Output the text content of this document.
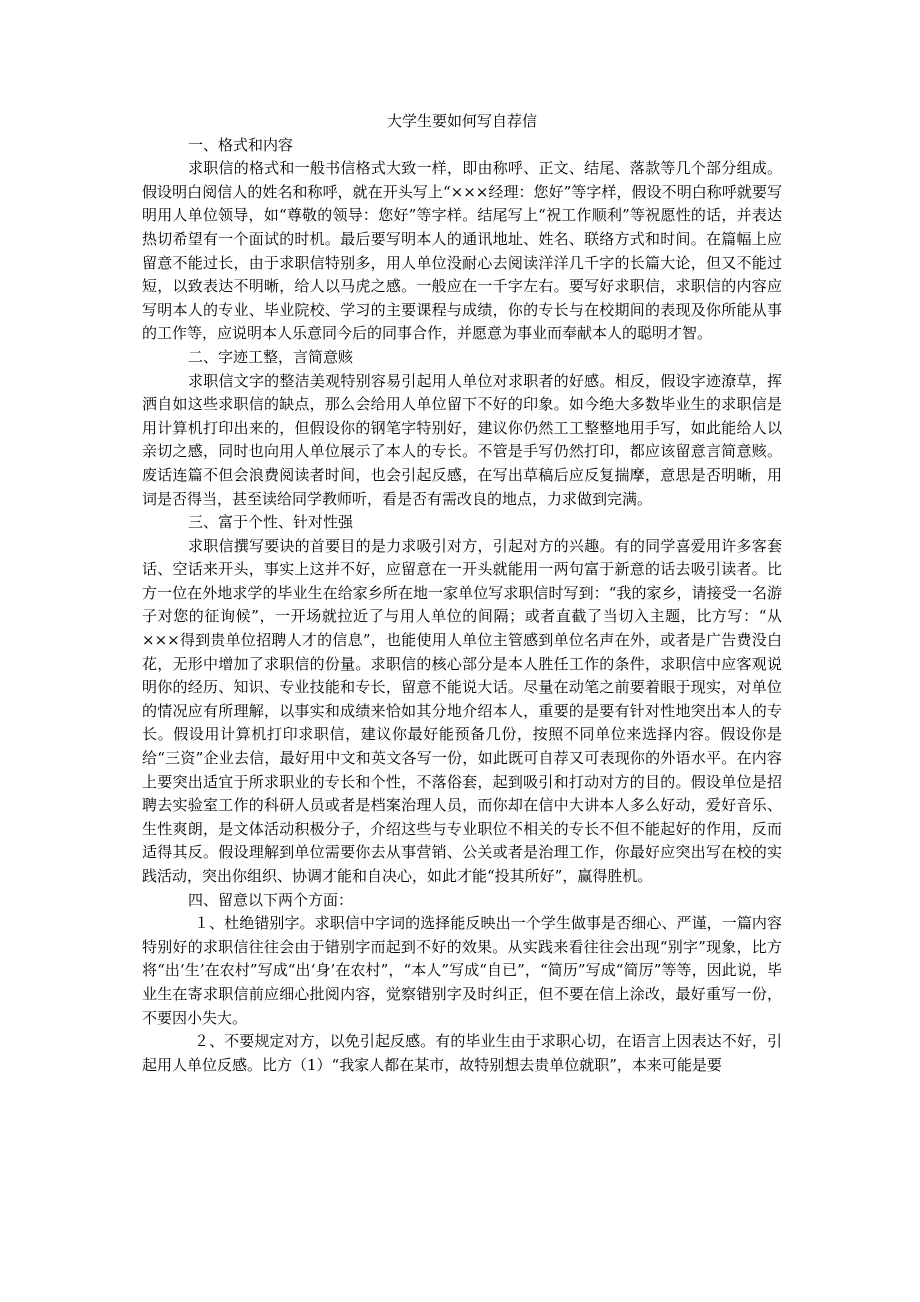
大学生要如何写自荐信

一、格式和内容

求职信的格式和一般书信格式大致一样，即由称呼、正文、结尾、落款等几个部分组成。假设明白阅信人的姓名和称呼，就在开头写上“×××经理：您好”等字样，假设不明白称呼就要写明用人单位领导，如“尊敬的领导：您好”等字样。结尾写上“祝工作顺利”等祝愿性的话，并表达热切希望有一个面试的时机。最后要写明本人的通讯地址、姓名、联络方式和时间。在篇幅上应留意不能过长，由于求职信特别多，用人单位没耐心去阅读洋洋几千字的长篇大论，但又不能过短，以致表达不明晰，给人以马虎之感。一般应在一千字左右。要写好求职信，求职信的内容应写明本人的专业、毕业院校、学习的主要课程与成绩，你的专长与在校期间的表现及你所能从事的工作等，应说明本人乐意同今后的同事合作，并愿意为事业而奉献本人的聪明才智。

二、字迹工整，言简意赅

求职信文字的整洁美观特别容易引起用人单位对求职者的好感。相反，假设字迹潦草，挥洒自如这些求职信的缺点，那么会给用人单位留下不好的印象。如今绝大多数毕业生的求职信是用计算机打印出来的，但假设你的钢笔字特别好，建议你仍然工工整整地用手写，如此能给人以亲切之感，同时也向用人单位展示了本人的专长。不管是手写仍然打印，都应该留意言简意赅。废话连篇不但会浪费阅读者时间，也会引起反感，在写出草稿后应反复揣摩，意思是否明晰，用词是否得当，甚至读给同学教师听，看是否有需改良的地点，力求做到完满。

三、富于个性、针对性强

求职信撰写要诀的首要目的是力求吸引对方，引起对方的兴趣。有的同学喜爱用许多客套话、空话来开头，事实上这并不好，应留意在一开头就能用一两句富于新意的话去吸引读者。比方一位在外地求学的毕业生在给家乡所在地一家单位写求职信时写到：“我的家乡，请接受一名游子对您的征询候”，一开场就拉近了与用人单位的间隔；或者直截了当切入主题，比方写：“从×××得到贵单位招聘人才的信息”，也能使用人单位主管感到单位名声在外，或者是广告费没白花，无形中增加了求职信的份量。求职信的核心部分是本人胜任工作的条件，求职信中应客观说明你的经历、知识、专业技能和专长，留意不能说大话。尽量在动笔之前要着眼于现实，对单位的情况应有所理解，以事实和成绩来恰如其分地介绍本人，重要的是要有针对性地突出本人的专长。假设用计算机打印求职信，建议你最好能预备几份，按照不同单位来选择内容。假设你是给“三资”企业去信，最好用中文和英文各写一份，如此既可自荐又可表现你的外语水平。在内容上要突出适宜于所求职业的专长和个性，不落俗套，起到吸引和打动对方的目的。假设单位是招聘去实验室工作的科研人员或者是档案治理人员，而你却在信中大讲本人多么好动，爱好音乐、生性爽朗，是文体活动积极分子，介绍这些与专业职位不相关的专长不但不能起好的作用，反而适得其反。假设理解到单位需要你去从事营销、公关或者是治理工作，你最好应突出写在校的实践活动，突出你组织、协调才能和自决心，如此才能“投其所好”，赢得胜机。

四、留意以下两个方面：

１、杜绝错别字。求职信中字词的选择能反映出一个学生做事是否细心、严谨，一篇内容特别好的求职信往往会由于错别字而起到不好的效果。从实践来看往往会出现“别字”现象，比方将“出‘生’在农村”写成“出‘身’在农村”，“本人”写成“自已”，“简历”写成“简厉”等等，因此说，毕业生在寄求职信前应细心批阅内容，觉察错别字及时纠正，但不要在信上涂改，最好重写一份，不要因小失大。

２、不要规定对方，以免引起反感。有的毕业生由于求职心切，在语言上因表达不好，引起用人单位反感。比方（1）“我家人都在某市，故特别想去贵单位就职”，本来可能是要
